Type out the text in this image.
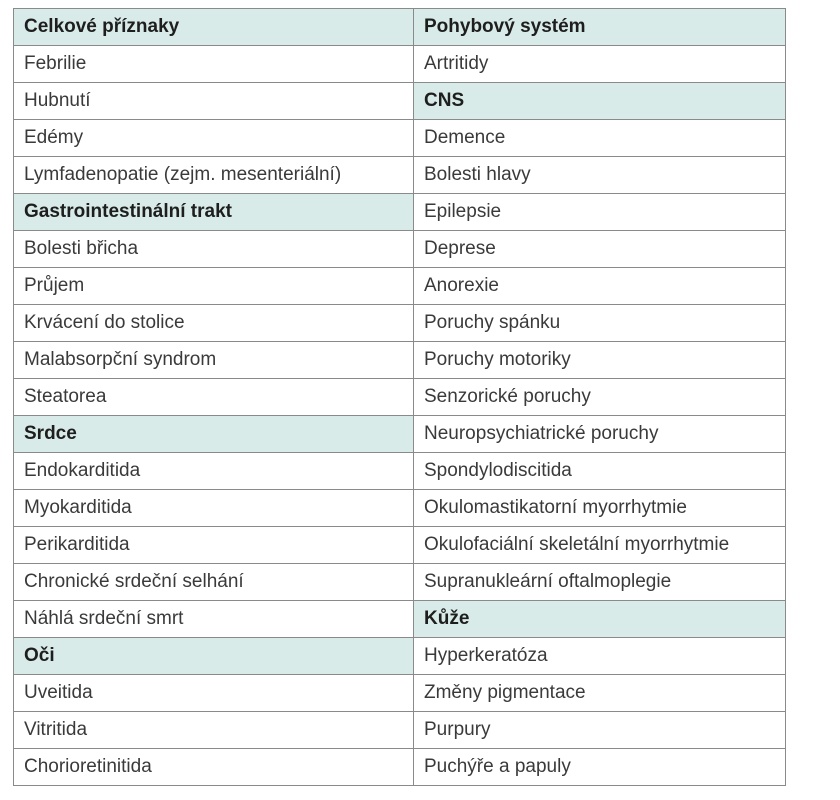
Celkové příznaky	Pohybový systém
Febrilie	Artritidy
Hubnutí	CNS
Edémy	Demence
Lymfadenopatie (zejm. mesenteriální)	Bolesti hlavy
Gastrointestinální trakt	Epilepsie
Bolesti břicha	Deprese
Průjem	Anorexie
Krvácení do stolice	Poruchy spánku
Malabsorpční syndrom	Poruchy motoriky
Steatorea	Senzorické poruchy
Srdce	Neuropsychiatrické poruchy
Endokarditida	Spondylodiscitida
Myokarditida	Okulomastikatorní myorrhytmie
Perikarditida	Okulofaciální skeletální myorrhytmie
Chronické srdeční selhání	Supranukleární oftalmoplegie
Náhlá srdeční smrt	Kůže
Oči	Hyperkeratóza
Uveitida	Změny pigmentace
Vitritida	Purpury
Chorioretinitida	Puchýře a papuly
